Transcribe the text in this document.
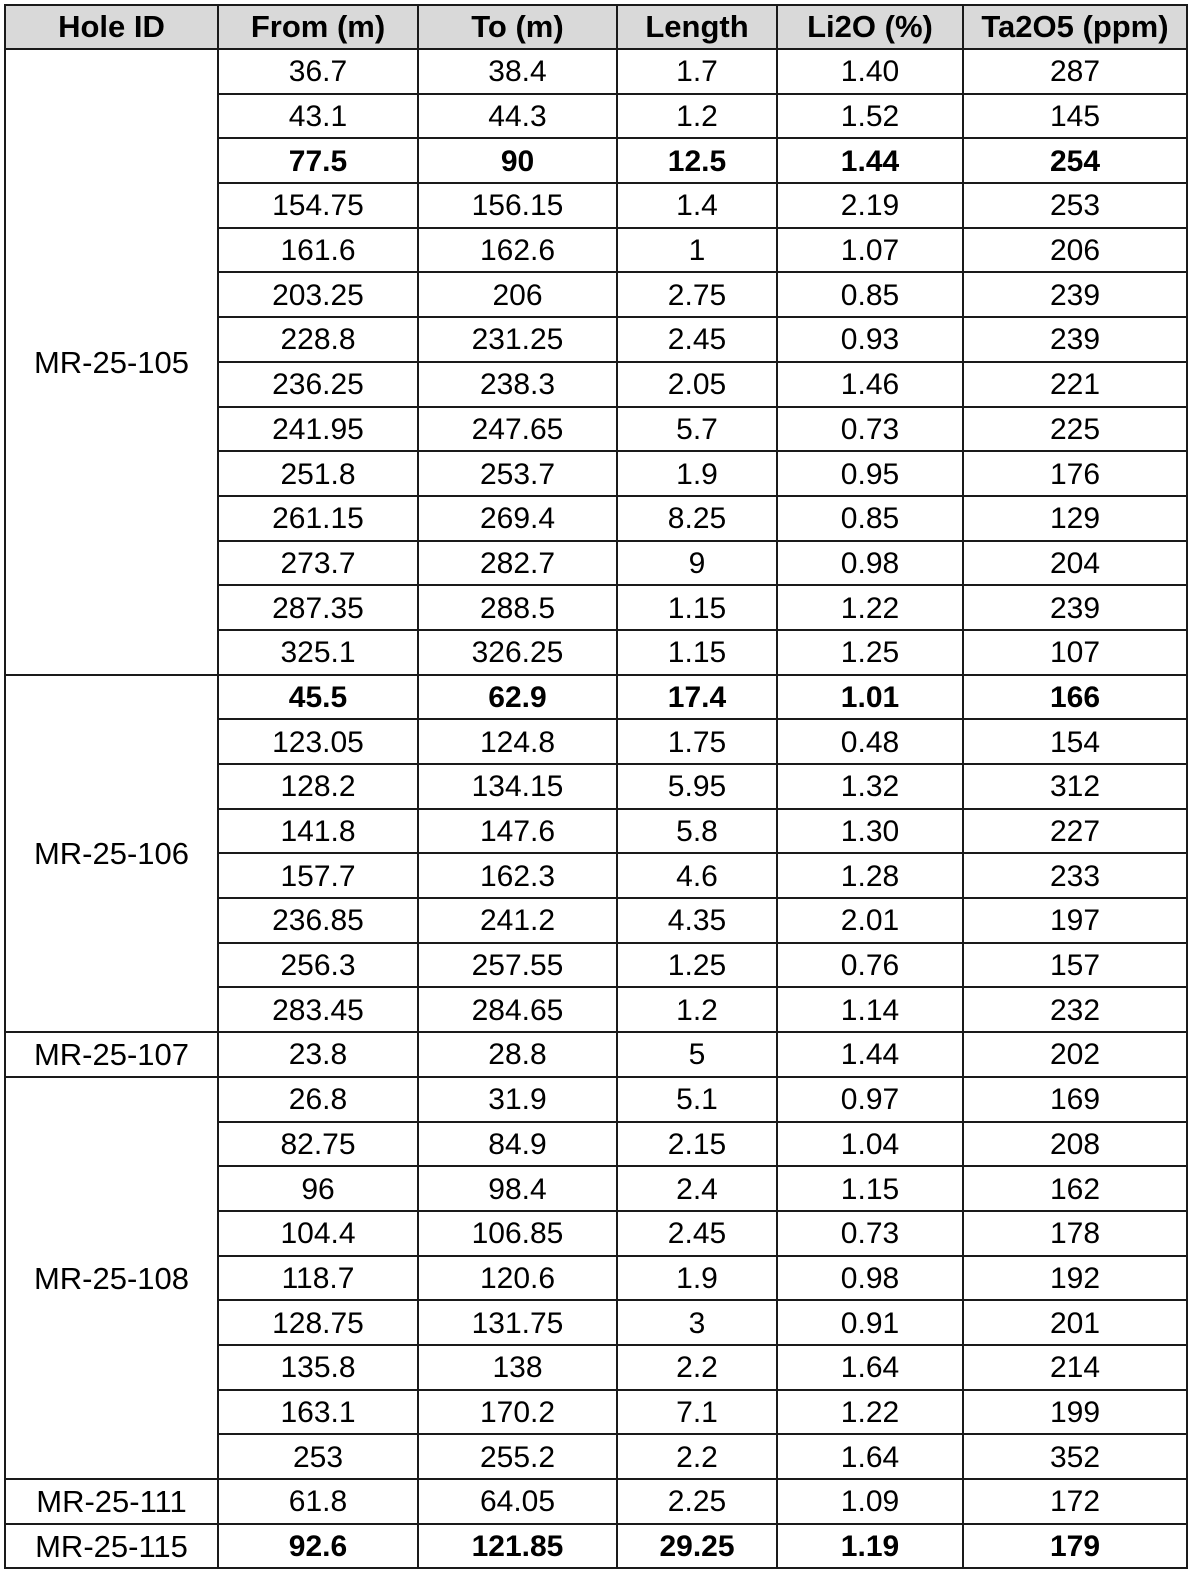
Hole ID	From (m)	To (m)	Length	Li2O (%)	Ta2O5 (ppm)
MR-25-105	36.7	38.4	1.7	1.40	287
	43.1	44.3	1.2	1.52	145
	77.5	90	12.5	1.44	254
	154.75	156.15	1.4	2.19	253
	161.6	162.6	1	1.07	206
	203.25	206	2.75	0.85	239
	228.8	231.25	2.45	0.93	239
	236.25	238.3	2.05	1.46	221
	241.95	247.65	5.7	0.73	225
	251.8	253.7	1.9	0.95	176
	261.15	269.4	8.25	0.85	129
	273.7	282.7	9	0.98	204
	287.35	288.5	1.15	1.22	239
	325.1	326.25	1.15	1.25	107
MR-25-106	45.5	62.9	17.4	1.01	166
	123.05	124.8	1.75	0.48	154
	128.2	134.15	5.95	1.32	312
	141.8	147.6	5.8	1.30	227
	157.7	162.3	4.6	1.28	233
	236.85	241.2	4.35	2.01	197
	256.3	257.55	1.25	0.76	157
	283.45	284.65	1.2	1.14	232
MR-25-107	23.8	28.8	5	1.44	202
MR-25-108	26.8	31.9	5.1	0.97	169
	82.75	84.9	2.15	1.04	208
	96	98.4	2.4	1.15	162
	104.4	106.85	2.45	0.73	178
	118.7	120.6	1.9	0.98	192
	128.75	131.75	3	0.91	201
	135.8	138	2.2	1.64	214
	163.1	170.2	7.1	1.22	199
	253	255.2	2.2	1.64	352
MR-25-111	61.8	64.05	2.25	1.09	172
MR-25-115	92.6	121.85	29.25	1.19	179
